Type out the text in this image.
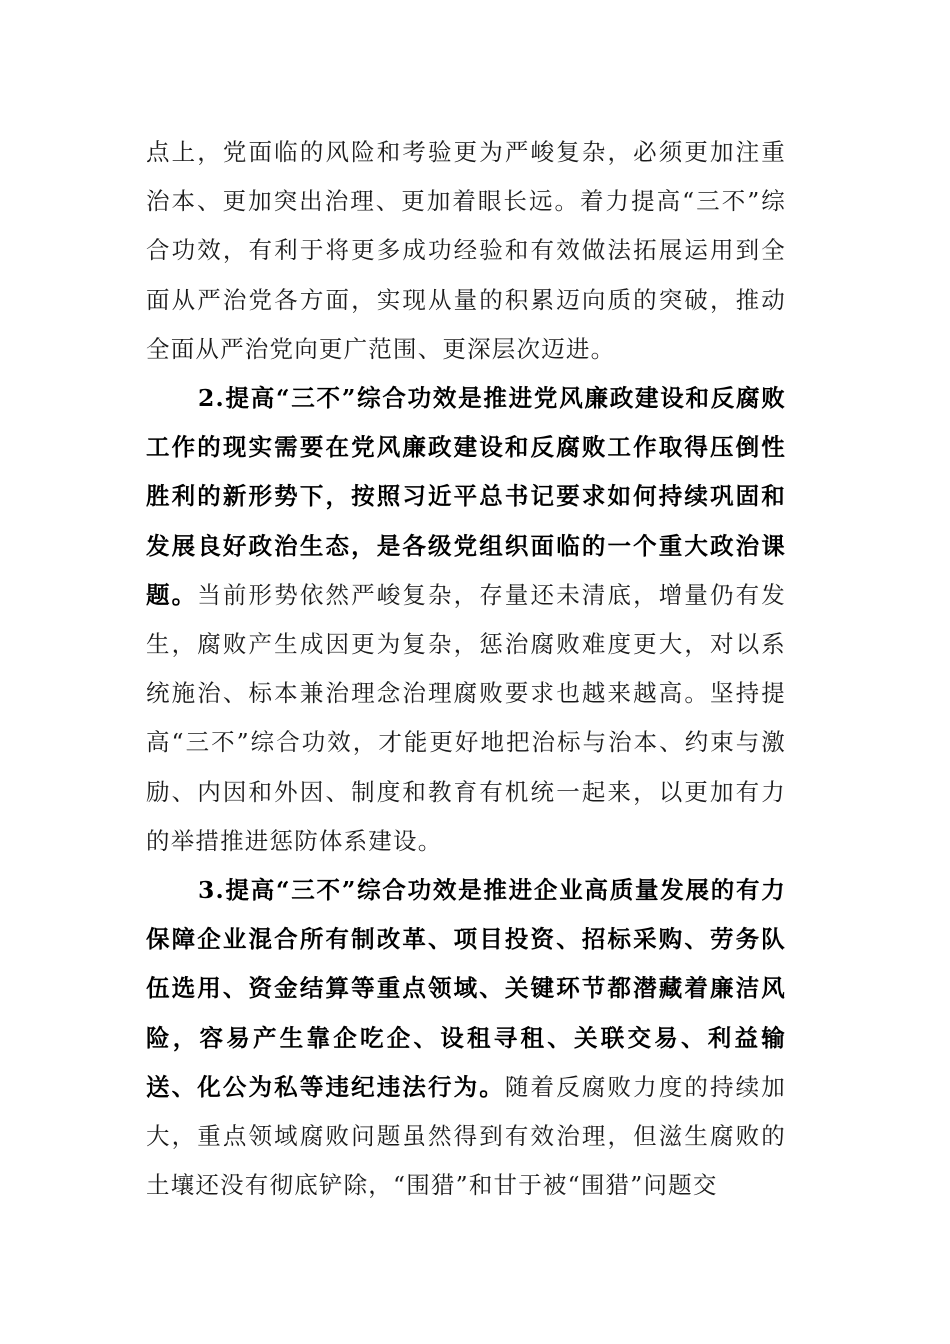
点上，党面临的风险和考验更为严峻复杂，必须更加注重治本、更加突出治理、更加着眼长远。着力提高“三不”综合功效，有利于将更多成功经验和有效做法拓展运用到全面从严治党各方面，实现从量的积累迈向质的突破，推动全面从严治党向更广范围、更深层次迈进。

2.提高“三不”综合功效是推进党风廉政建设和反腐败工作的现实需要在党风廉政建设和反腐败工作取得压倒性胜利的新形势下，按照习近平总书记要求如何持续巩固和发展良好政治生态，是各级党组织面临的一个重大政治课题。当前形势依然严峻复杂，存量还未清底，增量仍有发生，腐败产生成因更为复杂，惩治腐败难度更大，对以系统施治、标本兼治理念治理腐败要求也越来越高。坚持提高“三不”综合功效，才能更好地把治标与治本、约束与激励、内因和外因、制度和教育有机统一起来，以更加有力的举措推进惩防体系建设。

3.提高“三不”综合功效是推进企业高质量发展的有力保障企业混合所有制改革、项目投资、招标采购、劳务队伍选用、资金结算等重点领域、关键环节都潜藏着廉洁风险，容易产生靠企吃企、设租寻租、关联交易、利益输送、化公为私等违纪违法行为。随着反腐败力度的持续加大，重点领域腐败问题虽然得到有效治理，但滋生腐败的土壤还没有彻底铲除，“围猎”和甘于被“围猎”问题交
